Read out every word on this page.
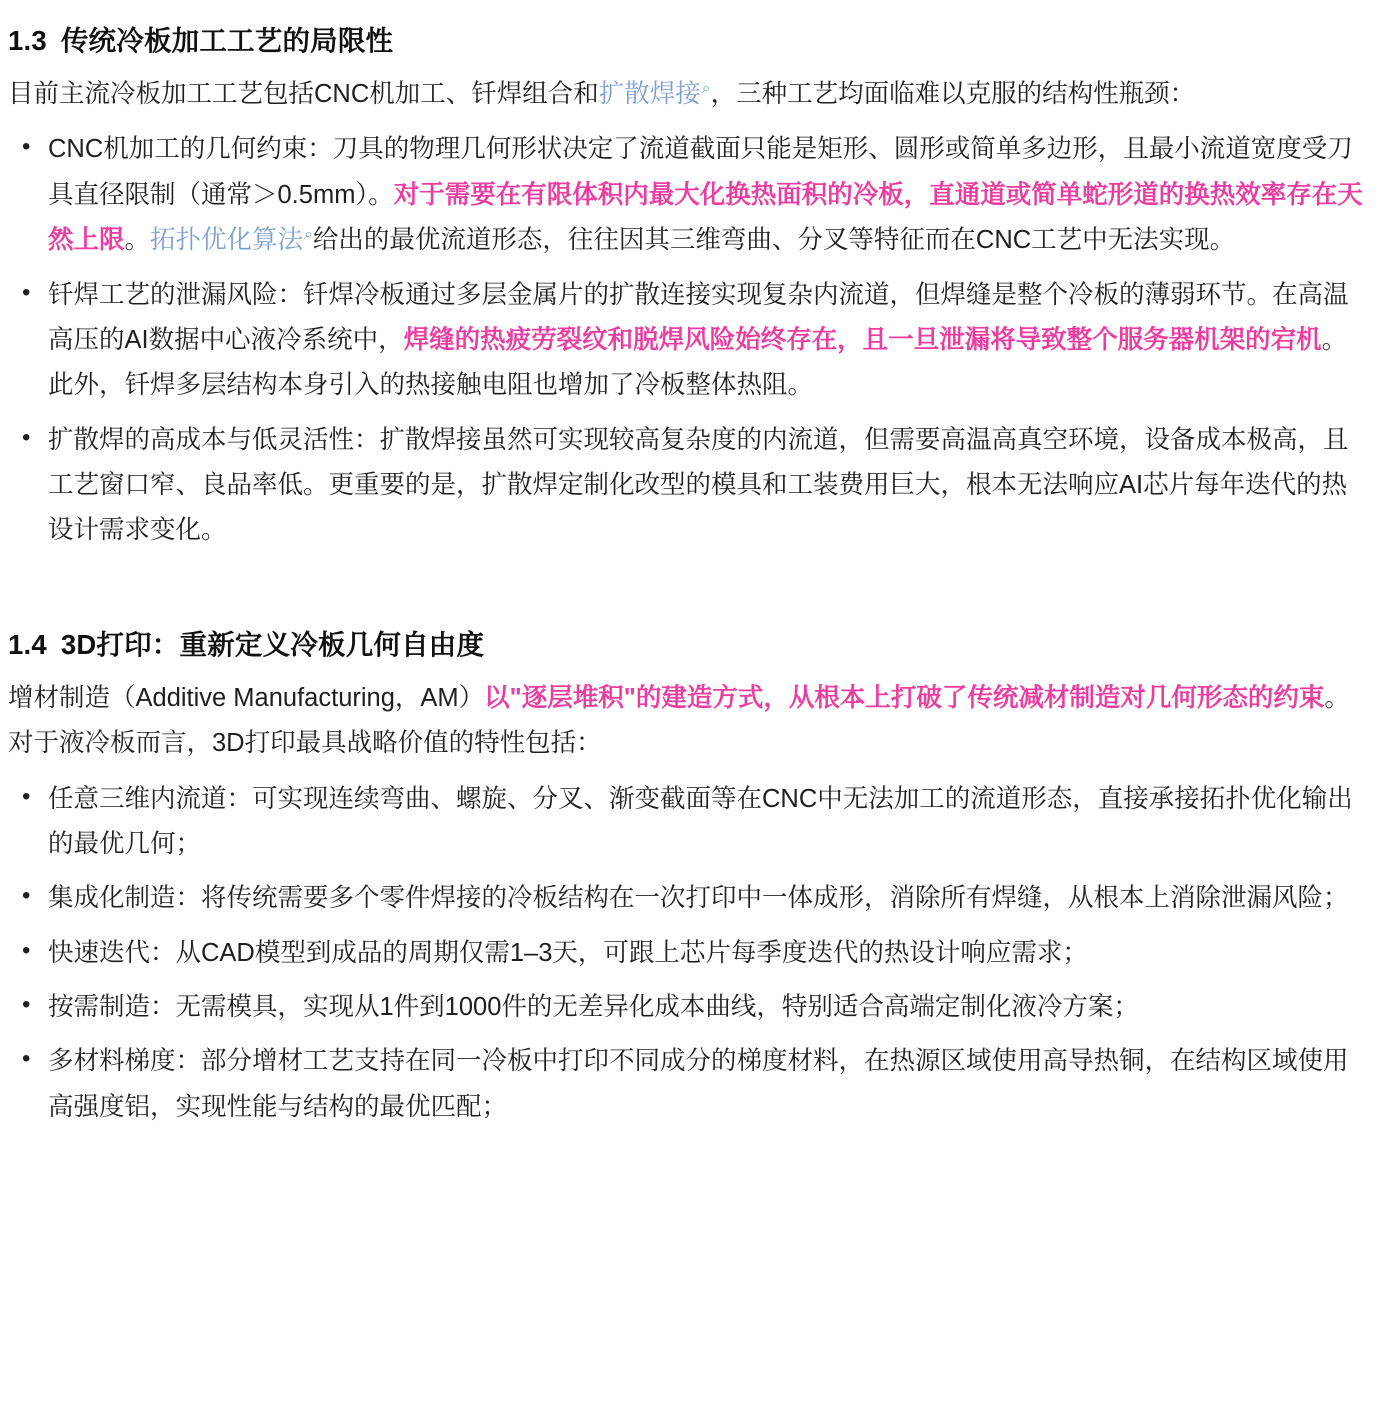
1.3 传统冷板加工工艺的局限性

目前主流冷板加工工艺包括CNC机加工、钎焊组合和扩散焊接⌕，三种工艺均面临难以克服的结构性瓶颈：

• CNC机加工的几何约束：刀具的物理几何形状决定了流道截面只能是矩形、圆形或简单多边形，且最小流道宽度受刀具直径限制（通常＞0.5mm）。对于需要在有限体积内最大化换热面积的冷板，直通道或简单蛇形道的换热效率存在天然上限。拓扑优化算法⌕给出的最优流道形态，往往因其三维弯曲、分叉等特征而在CNC工艺中无法实现。
• 钎焊工艺的泄漏风险：钎焊冷板通过多层金属片的扩散连接实现复杂内流道，但焊缝是整个冷板的薄弱环节。在高温高压的AI数据中心液冷系统中，焊缝的热疲劳裂纹和脱焊风险始终存在，且一旦泄漏将导致整个服务器机架的宕机。此外，钎焊多层结构本身引入的热接触电阻也增加了冷板整体热阻。
• 扩散焊的高成本与低灵活性：扩散焊接虽然可实现较高复杂度的内流道，但需要高温高真空环境，设备成本极高，且工艺窗口窄、良品率低。更重要的是，扩散焊定制化改型的模具和工装费用巨大，根本无法响应AI芯片每年迭代的热设计需求变化。
1.4 3D打印：重新定义冷板几何自由度

增材制造（Additive Manufacturing，AM）以"逐层堆积"的建造方式，从根本上打破了传统减材制造对几何形态的约束。对于液冷板而言，3D打印最具战略价值的特性包括：

• 任意三维内流道：可实现连续弯曲、螺旋、分叉、渐变截面等在CNC中无法加工的流道形态，直接承接拓扑优化输出的最优几何；
• 集成化制造：将传统需要多个零件焊接的冷板结构在一次打印中一体成形，消除所有焊缝，从根本上消除泄漏风险；
• 快速迭代：从CAD模型到成品的周期仅需1–3天，可跟上芯片每季度迭代的热设计响应需求；
• 按需制造：无需模具，实现从1件到1000件的无差异化成本曲线，特别适合高端定制化液冷方案；
• 多材料梯度：部分增材工艺支持在同一冷板中打印不同成分的梯度材料，在热源区域使用高导热铜，在结构区域使用高强度铝，实现性能与结构的最优匹配；
